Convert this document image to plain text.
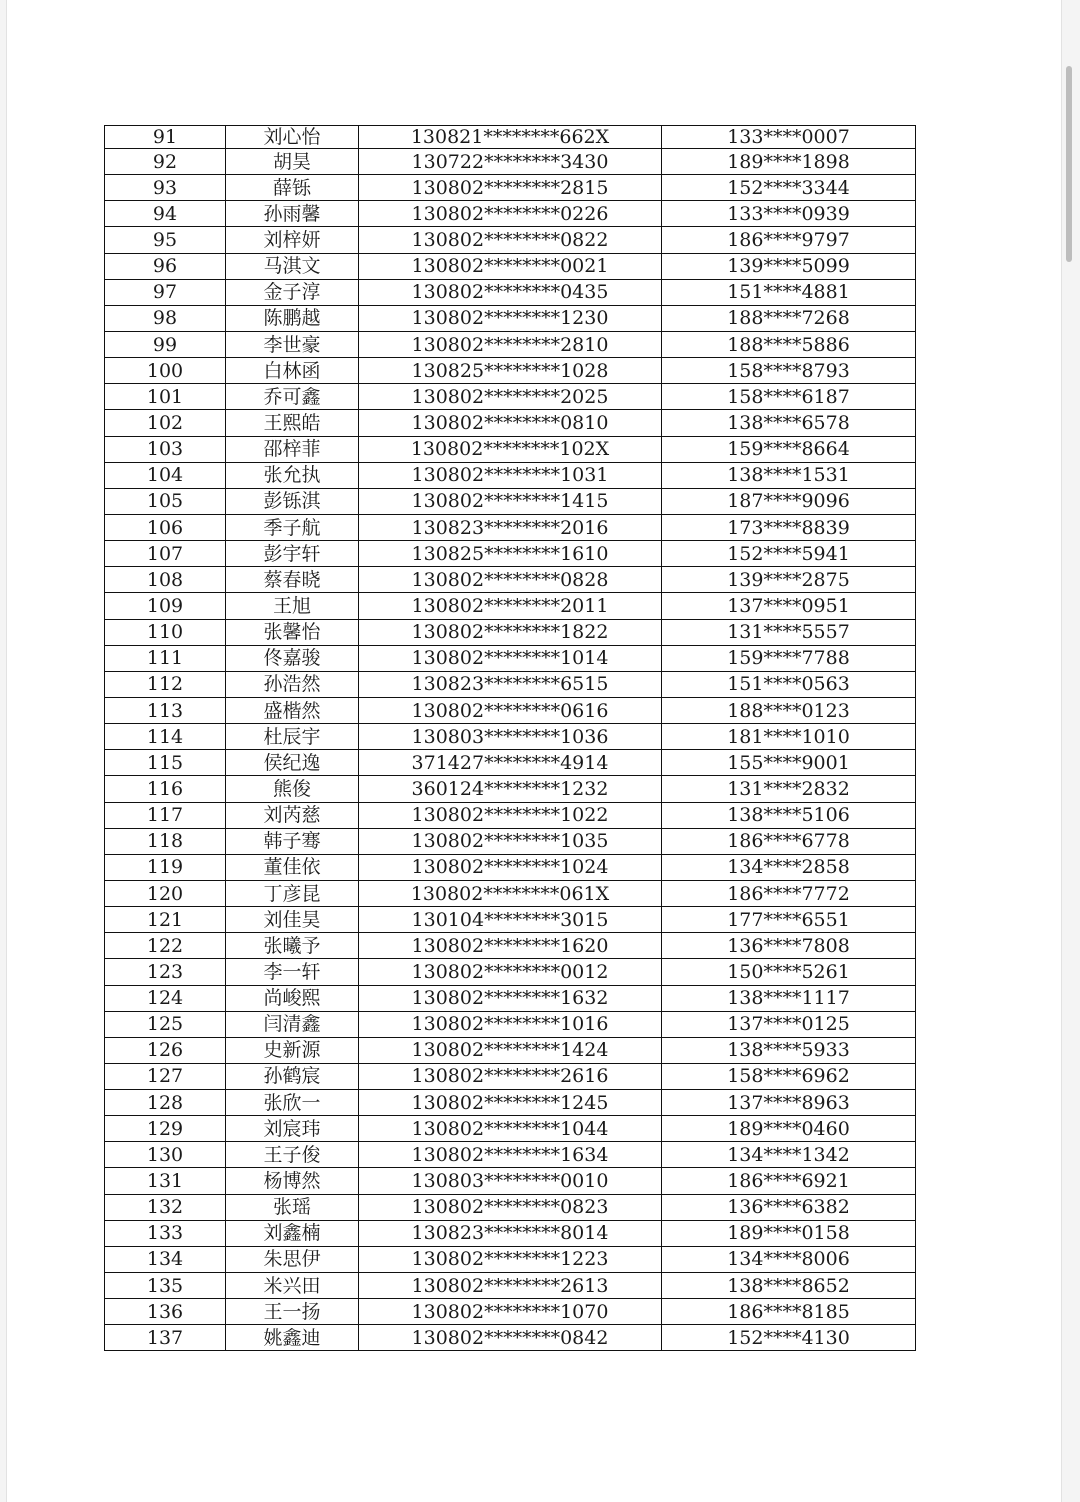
91	刘心怡	130821********662X	133****0007
92	胡昊	130722********3430	189****1898
93	薛铄	130802********2815	152****3344
94	孙雨馨	130802********0226	133****0939
95	刘梓妍	130802********0822	186****9797
96	马淇文	130802********0021	139****5099
97	金子淳	130802********0435	151****4881
98	陈鹏越	130802********1230	188****7268
99	李世豪	130802********2810	188****5886
100	白林函	130825********1028	158****8793
101	乔可鑫	130802********2025	158****6187
102	王熙皓	130802********0810	138****6578
103	邵梓菲	130802********102X	159****8664
104	张允执	130802********1031	138****1531
105	彭铄淇	130802********1415	187****9096
106	季子航	130823********2016	173****8839
107	彭宇轩	130825********1610	152****5941
108	蔡春晓	130802********0828	139****2875
109	王旭	130802********2011	137****0951
110	张馨怡	130802********1822	131****5557
111	佟嘉骏	130802********1014	159****7788
112	孙浩然	130823********6515	151****0563
113	盛楷然	130802********0616	188****0123
114	杜辰宇	130803********1036	181****1010
115	侯纪逸	371427********4914	155****9001
116	熊俊	360124********1232	131****2832
117	刘芮慈	130802********1022	138****5106
118	韩子骞	130802********1035	186****6778
119	董佳依	130802********1024	134****2858
120	丁彦昆	130802********061X	186****7772
121	刘佳昊	130104********3015	177****6551
122	张曦予	130802********1620	136****7808
123	李一轩	130802********0012	150****5261
124	尚峻熙	130802********1632	138****1117
125	闫清鑫	130802********1016	137****0125
126	史新源	130802********1424	138****5933
127	孙鹤宸	130802********2616	158****6962
128	张欣一	130802********1245	137****8963
129	刘宸玮	130802********1044	189****0460
130	王子俊	130802********1634	134****1342
131	杨博然	130803********0010	186****6921
132	张瑶	130802********0823	136****6382
133	刘鑫楠	130823********8014	189****0158
134	朱思伊	130802********1223	134****8006
135	米兴田	130802********2613	138****8652
136	王一扬	130802********1070	186****8185
137	姚鑫迪	130802********0842	152****4130
